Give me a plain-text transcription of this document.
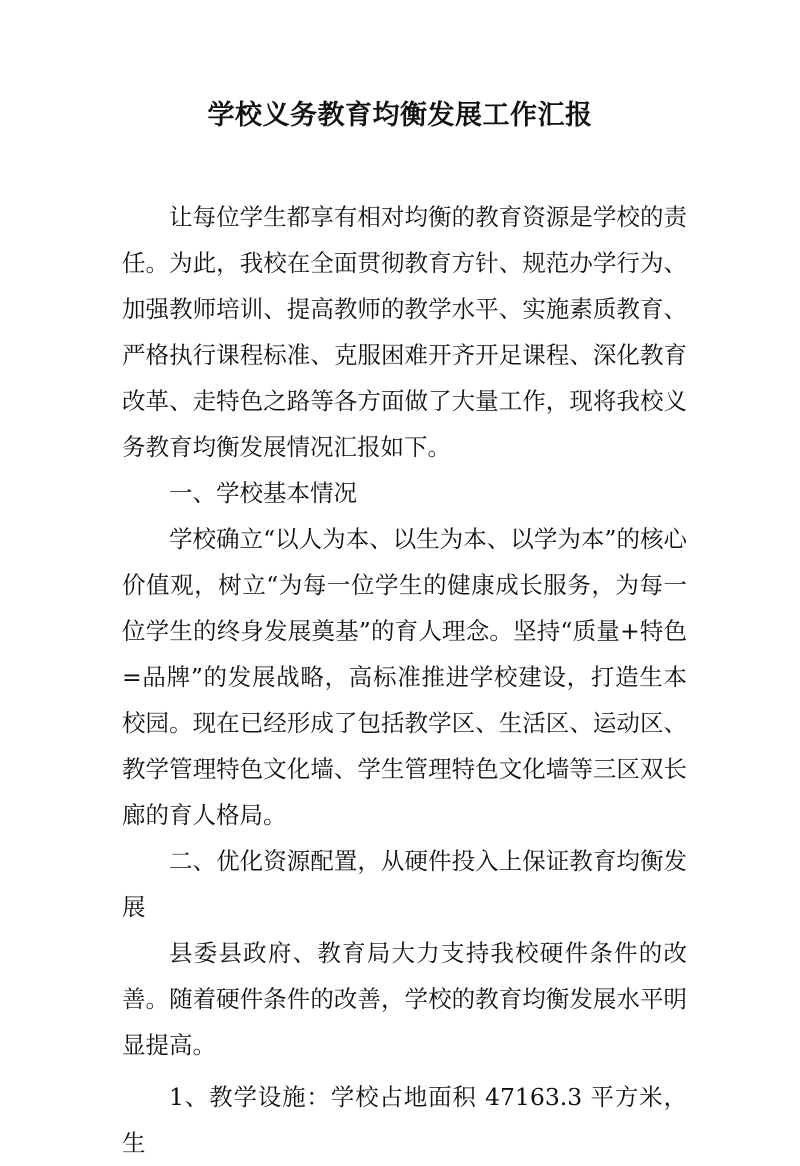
学校义务教育均衡发展工作汇报

让每位学生都享有相对均衡的教育资源是学校的责任。为此，我校在全面贯彻教育方针、规范办学行为、加强教师培训、提高教师的教学水平、实施素质教育、严格执行课程标准、克服困难开齐开足课程、深化教育改革、走特色之路等各方面做了大量工作，现将我校义务教育均衡发展情况汇报如下。

一、学校基本情况

学校确立“以人为本、以生为本、以学为本”的核心价值观，树立“为每一位学生的健康成长服务，为每一位学生的终身发展奠基”的育人理念。坚持“质量+特色=品牌”的发展战略，高标准推进学校建设，打造生本校园。现在已经形成了包括教学区、生活区、运动区、教学管理特色文化墙、学生管理特色文化墙等三区双长廊的育人格局。

二、优化资源配置，从硬件投入上保证教育均衡发展

县委县政府、教育局大力支持我校硬件条件的改善。随着硬件条件的改善，学校的教育均衡发展水平明显提高。

1、教学设施：学校占地面积 47163.3 平方米，生
